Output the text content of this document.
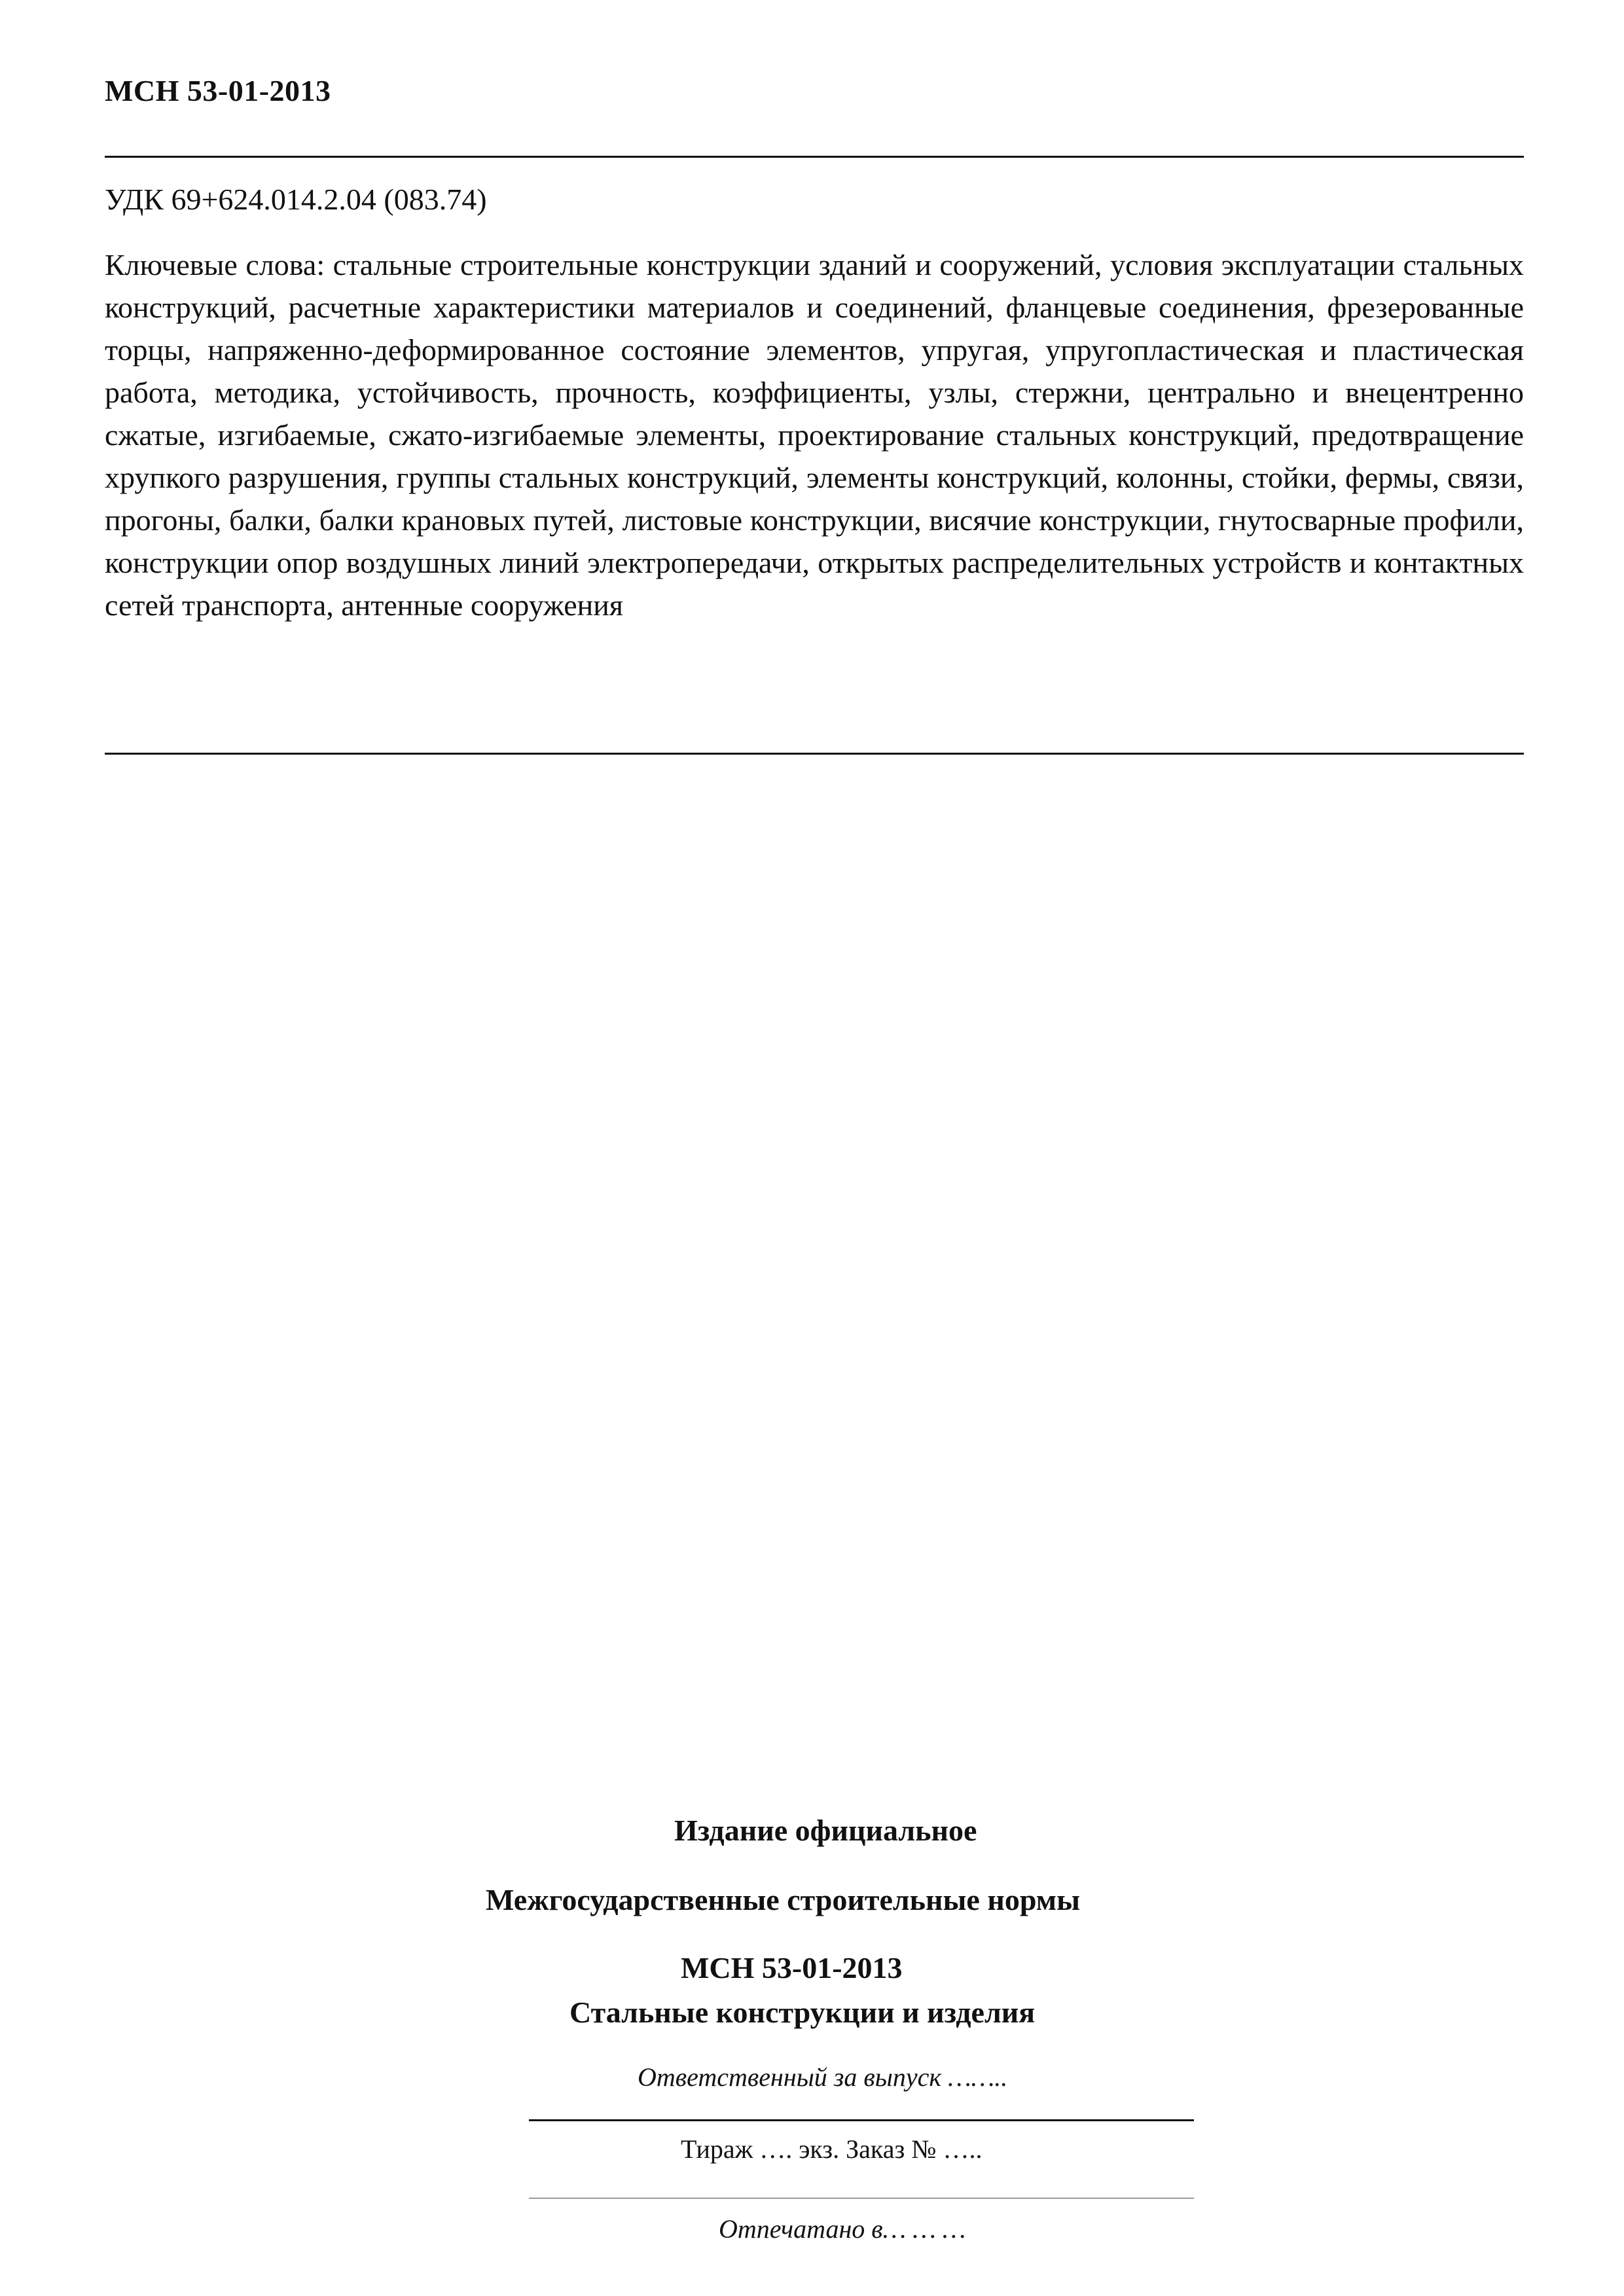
МСН 53-01-2013
УДК 69+624.014.2.04 (083.74)

Ключевые слова: стальные строительные конструкции зданий и сооружений, условия эксплуатации стальных конструкций, расчетные характеристики материалов и соединений, фланцевые соединения, фрезерованные торцы, напряженно-деформированное состояние элементов, упругая, упругопластическая и пластическая работа, методика, устойчивость, прочность, коэффициенты, узлы, стержни, центрально и внецентренно сжатые, изгибаемые, сжато-изгибаемые элементы, проектирование стальных конструкций, предотвращение хрупкого разрушения, группы стальных конструкций, элементы конструкций, колонны, стойки, фермы, связи, прогоны, балки, балки крановых путей, листовые конструкции, висячие конструкции, гнутосварные профили, конструкции опор воздушных линий электропередачи, открытых распределительных устройств и контактных сетей транспорта, антенные сооружения

Издание официальное
Межгосударственные строительные нормы
МСН 53-01-2013
Стальные конструкции и изделия
Ответственный за выпуск ……..
Тираж …. экз. Заказ № …..
Отпечатано в… … …
